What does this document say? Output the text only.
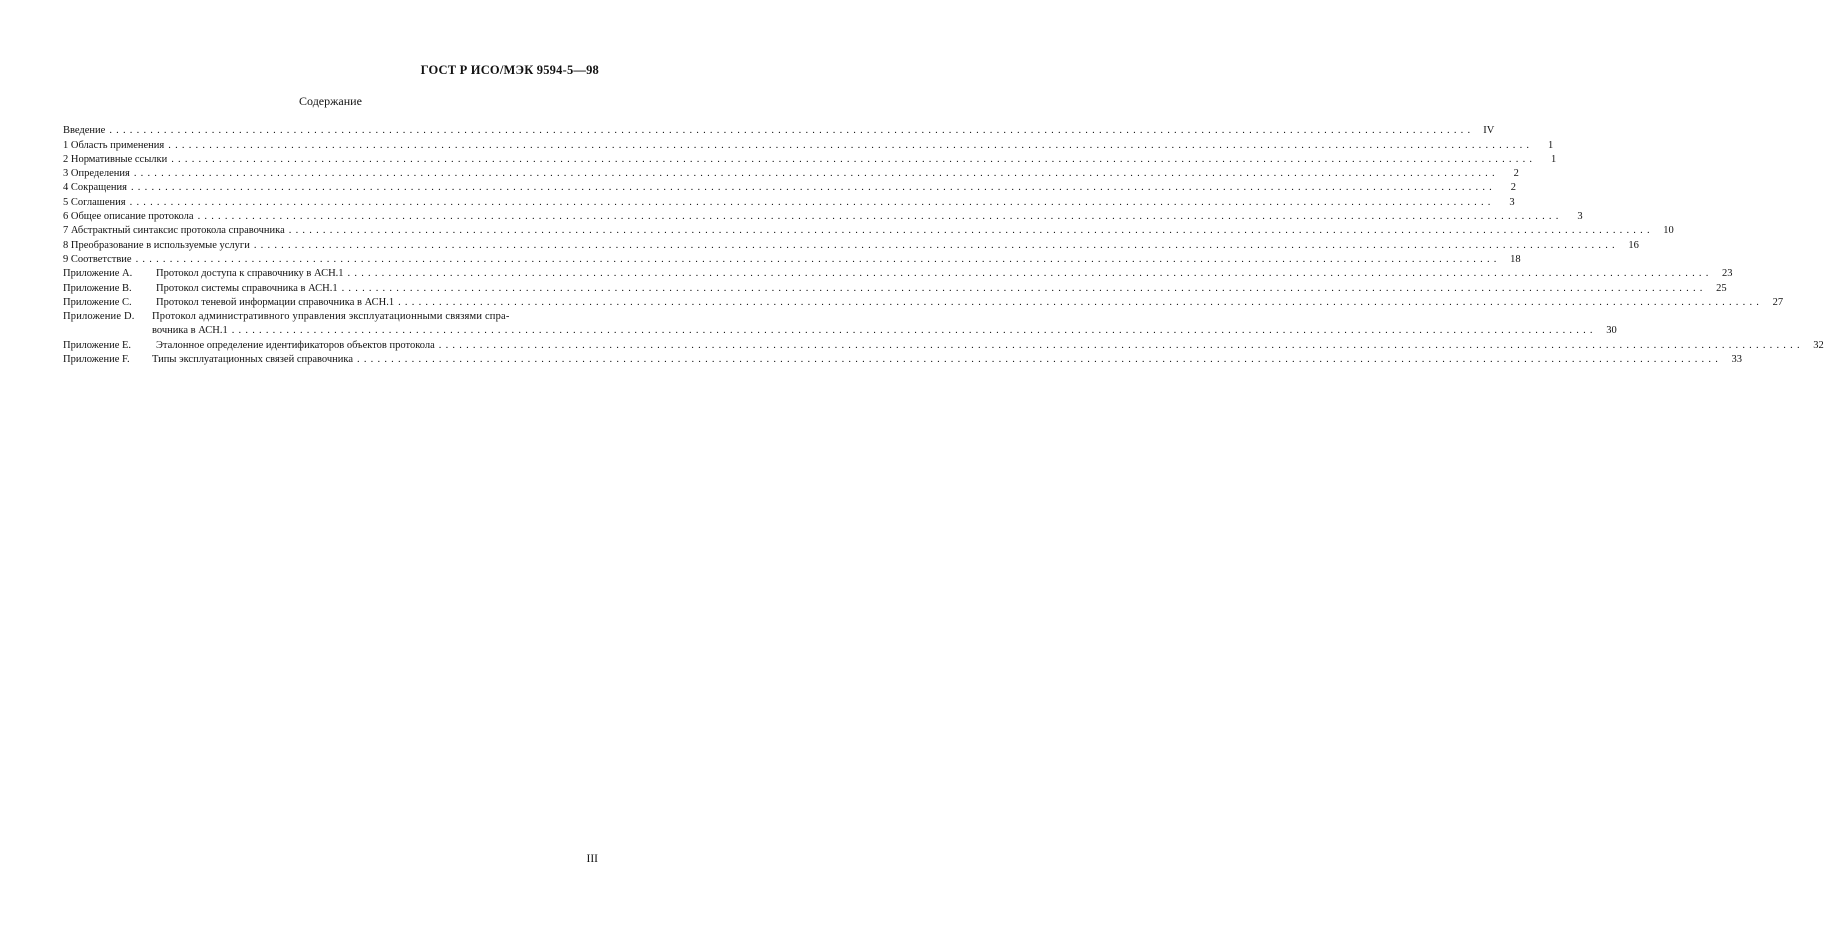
ГОСТ Р ИСО/МЭК 9594-5—98
Содержание
Введение ........................................................................................................................................................................................................ IV
1 Область применения ........................................................................................................................................................................................................	1
2 Нормативные ссылки ........................................................................................................................................................................................................	1
3 Определения ........................................................................................................................................................................................................	2
4 Сокращения ........................................................................................................................................................................................................	2
5 Соглашения ........................................................................................................................................................................................................	3
6 Общее описание протокола ........................................................................................................................................................................................................	3
7 Абстрактный синтаксис протокола справочника ........................................................................................................................................................................................................ 10
8 Преобразование в используемые услуги ........................................................................................................................................................................................................ 16
9 Соответствие ........................................................................................................................................................................................................ 18
Приложение А. Протокол доступа к справочнику в АСН.1 ........................................................................................................................................................................................................ 23
Приложение В. Протокол системы справочника в АСН.1 ........................................................................................................................................................................................................ 25
Приложение С. Протокол теневой информации справочника в АСН.1 ........................................................................................................................................................................................................ 27
Приложение D.	Протокол административного управления эксплуатационными связями спра-
вочника в АСН.1 ........................................................................................................................................................................................................ 30
Приложение Е. Эталонное определение идентификаторов объектов протокола ........................................................................................................................................................................................................ 32
Приложение F. Типы эксплуатационных связей справочника ........................................................................................................................................................................................................ 33
III
